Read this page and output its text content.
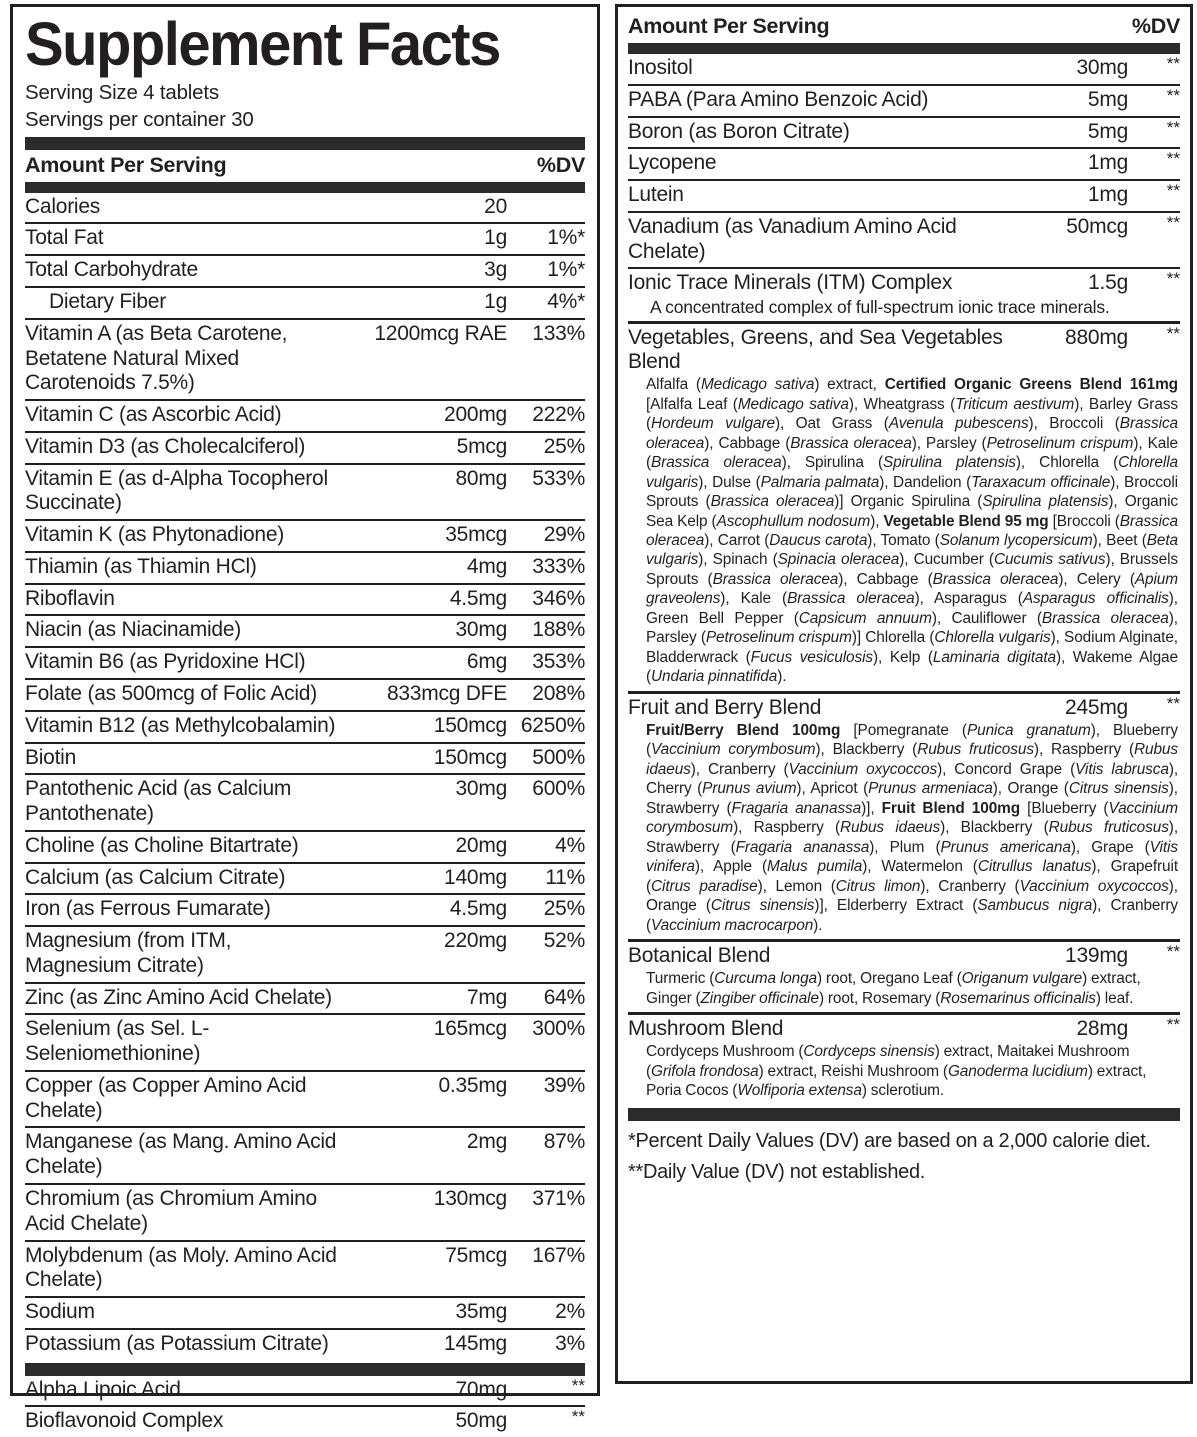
Supplement Facts
Serving Size 4 tablets
Servings per container 30
Amount Per Serving	%DV
Calories	20
Total Fat	1g	1%*
Total Carbohydrate	3g	1%*
Dietary Fiber	1g	4%*
Vitamin A (as Beta Carotene, Betatene Natural Mixed Carotenoids 7.5%)
1200mcg RAE	133%
Vitamin C (as Ascorbic Acid)	200mg	222%
Vitamin D3 (as Cholecalciferol)	5mcg	25%
Vitamin E (as d-Alpha Tocopherol Succinate)
80mg	533%
Vitamin K (as Phytonadione)	35mcg	29%
Thiamin (as Thiamin HCl)	4mg	333%
Riboflavin	4.5mg	346%
Niacin (as Niacinamide)	30mg	188%
Vitamin B6 (as Pyridoxine HCl)	6mg	353%
Folate (as 500mcg of Folic Acid)	833mcg DFE	208%
Vitamin B12 (as Methylcobalamin)	150mcg 6250%
Biotin	150mcg	500%
Pantothenic Acid (as Calcium Pantothenate)
30mg	600%
Choline (as Choline Bitartrate)	20mg	4%
Calcium (as Calcium Citrate)	140mg	11%
Iron (as Ferrous Fumarate)	4.5mg	25%
Magnesium (from ITM, Magnesium Citrate)
220mg	52%
Zinc (as Zinc Amino Acid Chelate)	7mg	64%
Selenium (as Sel. L-Seleniomethionine)
165mcg	300%
Copper (as Copper Amino Acid Chelate)
0.35mg	39%
Manganese (as Mang. Amino Acid Chelate)
2mg	87%
Chromium (as Chromium Amino Acid Chelate)
130mcg	371%
Molybdenum (as Moly. Amino Acid Chelate)
75mcg	167%
Sodium	35mg	2%
Potassium (as Potassium Citrate)	145mg	3%
Alpha Lipoic Acid	70mg	**
Bioflavonoid Complex	50mg	**
Amount Per Serving	%DV
Inositol	30mg	**
PABA (Para Amino Benzoic Acid)	5mg	**
Boron (as Boron Citrate)	5mg	**
Lycopene	1mg	**
Lutein	1mg	**
Vanadium (as Vanadium Amino Acid Chelate)
50mcg	**
Ionic Trace Minerals (ITM) Complex	1.5g	**
A concentrated complex of full-spectrum ionic trace minerals.
Vegetables, Greens, and Sea Vegetables Blend
880mg	**
Alfalfa (Medicago sativa) extract, Certified Organic Greens Blend 161mg [Alfalfa Leaf (Medicago sativa), Wheatgrass (Triticum aestivum), Barley Grass (Hordeum vulgare), Oat Grass (Avenula pubescens), Broccoli (Brassica oleracea), Cabbage (Brassica oleracea), Parsley (Petroselinum crispum), Kale (Brassica oleracea), Spirulina (Spirulina platensis), Chlorella (Chlorella vulgaris), Dulse (Palmaria palmata), Dandelion (Taraxacum officinale), Broccoli Sprouts (Brassica oleracea)] Organic Spirulina (Spirulina platensis), Organic Sea Kelp (Ascophullum nodosum), Vegetable Blend 95 mg [Broccoli (Brassica oleracea), Carrot (Daucus carota), Tomato (Solanum lycopersicum), Beet (Beta vulgaris), Spinach (Spinacia oleracea), Cucumber (Cucumis sativus), Brussels Sprouts (Brassica oleracea), Cabbage (Brassica oleracea), Celery (Apium graveolens), Kale (Brassica oleracea), Asparagus (Asparagus officinalis), Green Bell Pepper (Capsicum annuum), Cauliflower (Brassica oleracea), Parsley (Petroselinum crispum)] Chlorella (Chlorella vulgaris), Sodium Alginate, Bladderwrack (Fucus vesiculosis), Kelp (Laminaria digitata), Wakeme Algae (Undaria pinnatifida).
Fruit and Berry Blend	245mg	**
Fruit/Berry Blend 100mg [Pomegranate (Punica granatum), Blueberry (Vaccinium corymbosum), Blackberry (Rubus fruticosus), Raspberry (Rubus idaeus), Cranberry (Vaccinium oxycoccos), Concord Grape (Vitis labrusca), Cherry (Prunus avium), Apricot (Prunus armeniaca), Orange (Citrus sinensis), Strawberry (Fragaria ananassa)], Fruit Blend 100mg [Blueberry (Vaccinium corymbosum), Raspberry (Rubus idaeus), Blackberry (Rubus fruticosus), Strawberry (Fragaria ananassa), Plum (Prunus americana), Grape (Vitis vinifera), Apple (Malus pumila), Watermelon (Citrullus lanatus), Grapefruit (Citrus paradise), Lemon (Citrus limon), Cranberry (Vaccinium oxycoccos), Orange (Citrus sinensis)], Elderberry Extract (Sambucus nigra), Cranberry (Vaccinium macrocarpon).
Botanical Blend	139mg	**
Turmeric (Curcuma longa) root, Oregano Leaf (Origanum vulgare) extract, Ginger (Zingiber officinale) root, Rosemary (Rosemarinus officinalis) leaf.
Mushroom Blend	28mg	**
Cordyceps Mushroom (Cordyceps sinensis) extract, Maitakei Mushroom (Grifola frondosa) extract, Reishi Mushroom (Ganoderma lucidium) extract, Poria Cocos (Wolfiporia extensa) sclerotium.
*Percent Daily Values (DV) are based on a 2,000 calorie diet.
**Daily Value (DV) not established.
